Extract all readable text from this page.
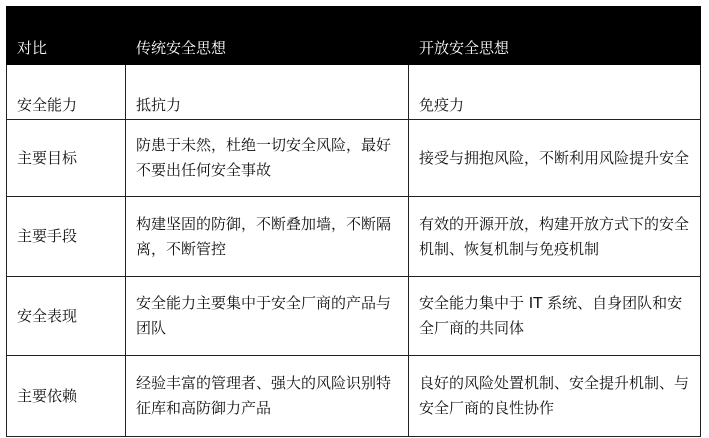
对比	传统安全思想	开放安全思想
安全能力	抵抗力	免疫力
主要目标	防患于未然，杜绝一切安全风险，最好不要出任何安全事故	接受与拥抱风险，不断利用风险提升安全
主要手段	构建坚固的防御，不断叠加墙，不断隔离，不断管控	有效的开源开放，构建开放方式下的安全机制、恢复机制与免疫机制
安全表现	安全能力主要集中于安全厂商的产品与团队	安全能力集中于 IT 系统、自身团队和安全厂商的共同体
主要依赖	经验丰富的管理者、强大的风险识别特征库和高防御力产品	良好的风险处置机制、安全提升机制、与安全厂商的良性协作
